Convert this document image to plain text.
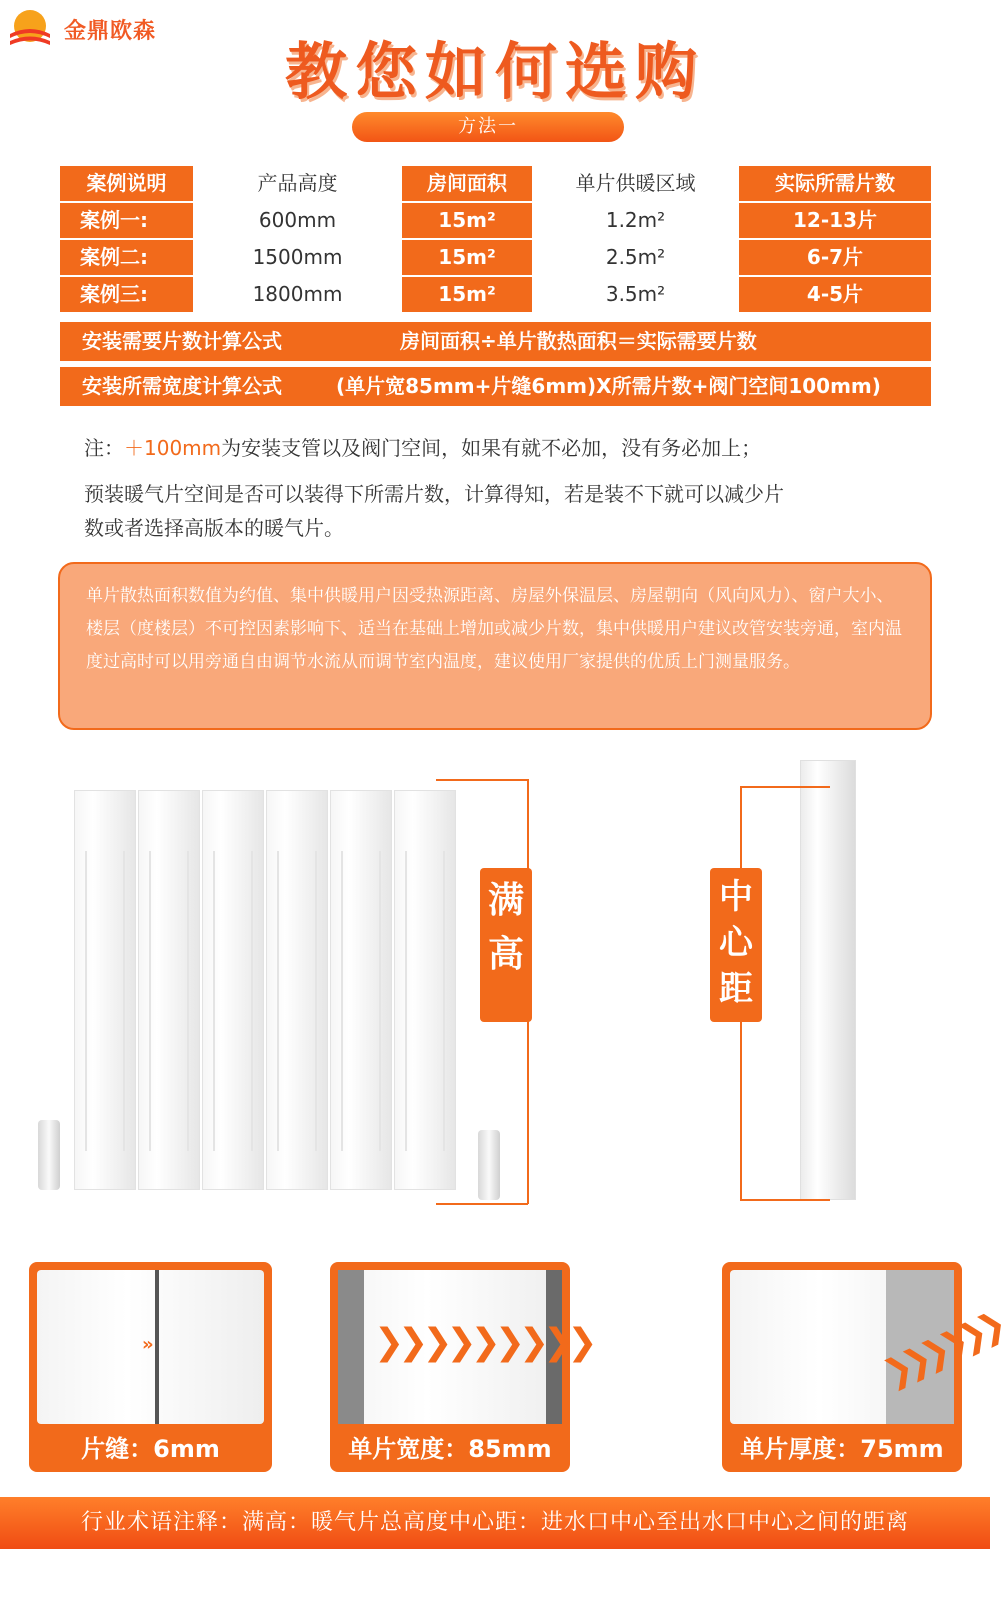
金鼎欧森
教您如何选购
方法一
案例说明	产品高度	房间面积	单片供暖区域	实际所需片数
案例一:	600mm	15m²	1.2m²	12-13片
案例二:	1500mm	15m²	2.5m²	6-7片
案例三:	1800mm	15m²	3.5m²	4-5片
安装需要片数计算公式	房间面积÷单片散热面积＝实际需要片数
安装所需宽度计算公式	(单片宽85mm+片缝6mm)X所需片数+阀门空间100mm)
注：＋100mm为安装支管以及阀门空间，如果有就不必加，没有务必加上；
预装暖气片空间是否可以装得下所需片数，计算得知，若是装不下就可以减少片
数或者选择高版本的暖气片。
单片散热面积数值为约值、集中供暖用户因受热源距离、房屋外保温层、房屋朝向（风向风力）、窗户大小、楼层（度楼层）不可控因素影响下、适当在基础上增加或减少片数，集中供暖用户建议改管安装旁通，室内温度过高时可以用旁通自由调节水流从而调节室内温度，建议使用厂家提供的优质上门测量服务。
满
高
中
心
距
»
片缝：6mm
❯❯❯❯❯❯❯❯❯
单片宽度：85mm
❯❯❯❯❯❯
单片厚度：75mm
行业术语注释：满高：暖气片总高度中心距：进水口中心至出水口中心之间的距离
